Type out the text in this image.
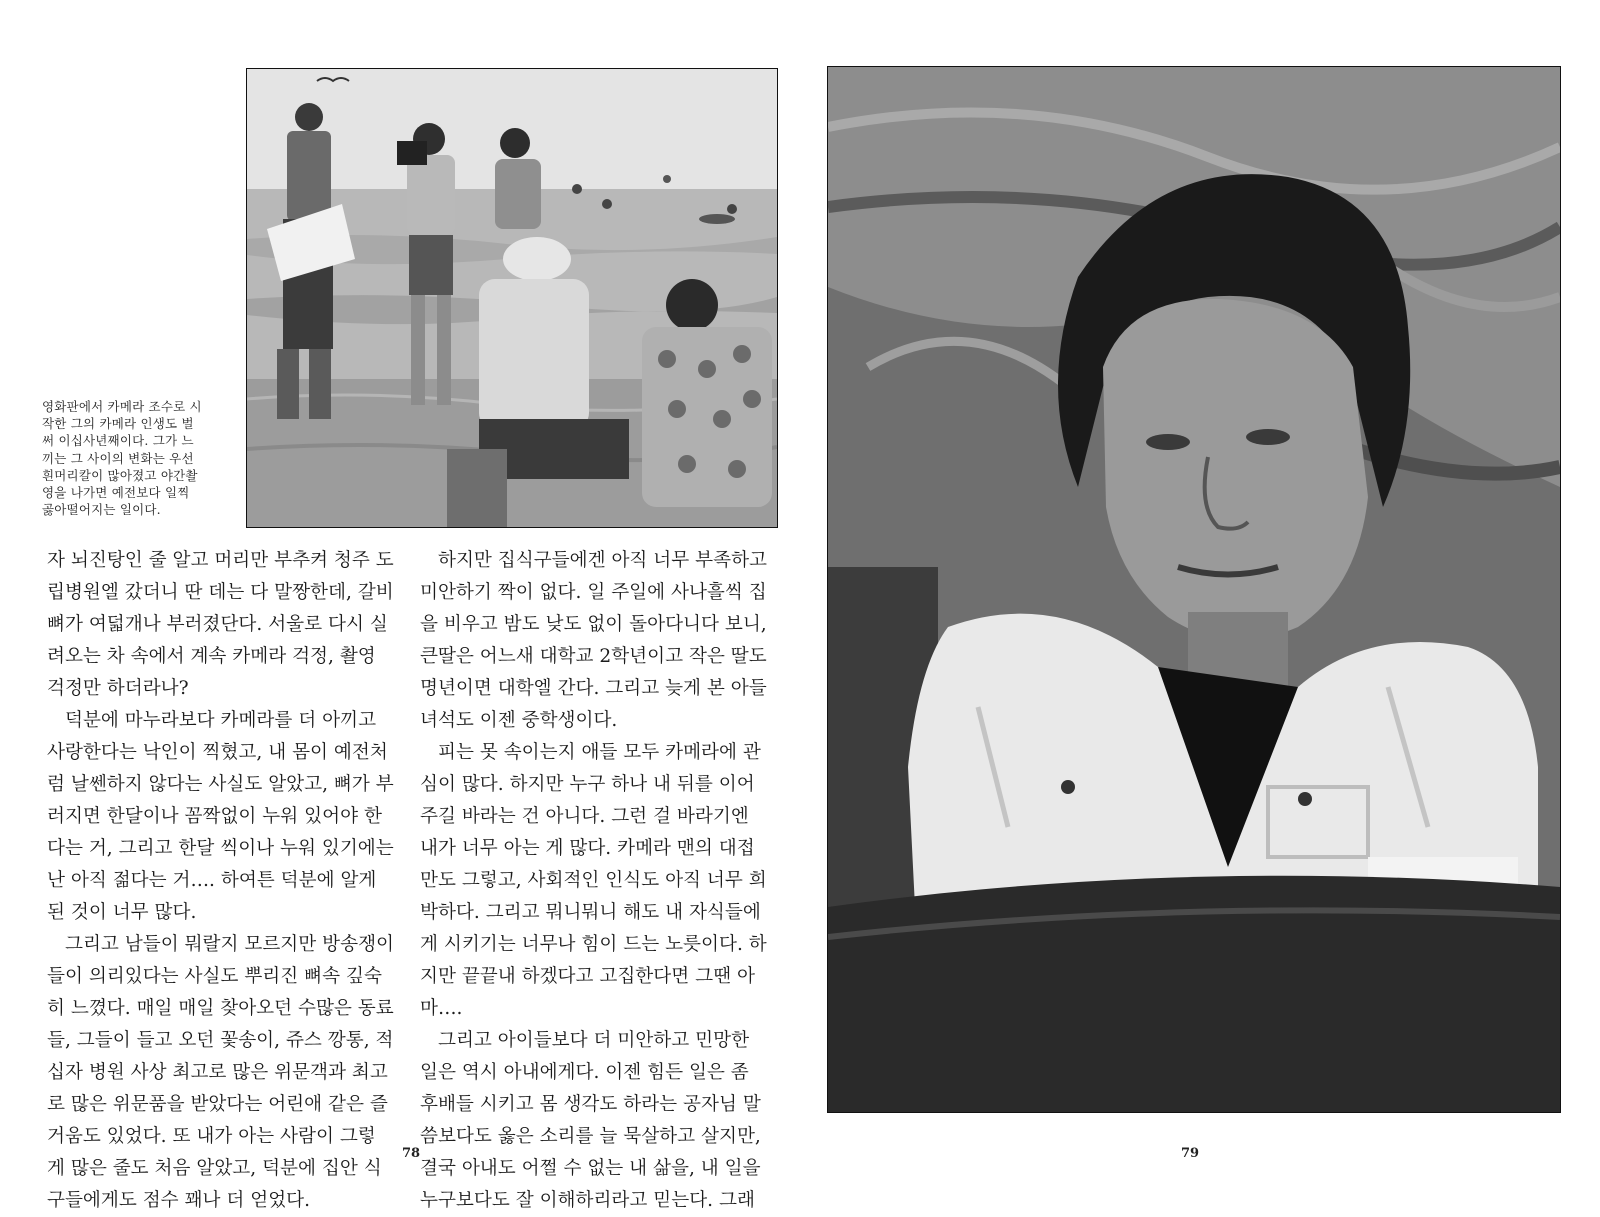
영화판에서 카메라 조수로 시
작한 그의 카메라 인생도 벌
써 이십사년째이다. 그가 느
끼는 그 사이의 변화는 우선
흰머리칼이 많아졌고 야간촬
영을 나가면 예전보다 일찍
곯아떨어지는 일이다.
자 뇌진탕인 줄 알고 머리만 부추켜 청주 도
립병원엘 갔더니 딴 데는 다 말짱한데, 갈비
뼈가 여덟개나 부러졌단다. 서울로 다시 실
려오는 차 속에서 계속 카메라 걱정, 촬영
걱정만 하더라나?
덕분에 마누라보다 카메라를 더 아끼고
사랑한다는 낙인이 찍혔고, 내 몸이 예전처
럼 날쎈하지 않다는 사실도 알았고, 뼈가 부
러지면 한달이나 꼼짝없이 누워 있어야 한
다는 거, 그리고 한달 씩이나 누워 있기에는
난 아직 젊다는 거…. 하여튼 덕분에 알게
된 것이 너무 많다.
그리고 남들이 뭐랄지 모르지만 방송쟁이
들이 의리있다는 사실도 뿌리진 뼈속 깊숙
히 느꼈다. 매일 매일 찾아오던 수많은 동료
들, 그들이 들고 오던 꽃송이, 쥬스 깡통, 적
십자 병원 사상 최고로 많은 위문객과 최고
로 많은 위문품을 받았다는 어린애 같은 즐
거움도 있었다. 또 내가 아는 사람이 그렇
게 많은 줄도 처음 알았고, 덕분에 집안 식
구들에게도 점수 꽤나 더 얻었다.
78
하지만 집식구들에겐 아직 너무 부족하고
미안하기 짝이 없다. 일 주일에 사나흘씩 집
을 비우고 밤도 낮도 없이 돌아다니다 보니,
큰딸은 어느새 대학교 2학년이고 작은 딸도
명년이면 대학엘 간다. 그리고 늦게 본 아들
녀석도 이젠 중학생이다.
피는 못 속이는지 애들 모두 카메라에 관
심이 많다. 하지만 누구 하나 내 뒤를 이어
주길 바라는 건 아니다. 그런 걸 바라기엔
내가 너무 아는 게 많다. 카메라 맨의 대접
만도 그렇고, 사회적인 인식도 아직 너무 희
박하다. 그리고 뭐니뭐니 해도 내 자식들에
게 시키기는 너무나 힘이 드는 노릇이다. 하
지만 끝끝내 하겠다고 고집한다면 그땐 아
마….
그리고 아이들보다 더 미안하고 민망한
일은 역시 아내에게다. 이젠 힘든 일은 좀
후배들 시키고 몸 생각도 하라는 공자님 말
씀보다도 옳은 소리를 늘 묵살하고 살지만,
결국 아내도 어쩔 수 없는 내 삶을, 내 일을
누구보다도 잘 이해하리라고 믿는다. 그래
79
